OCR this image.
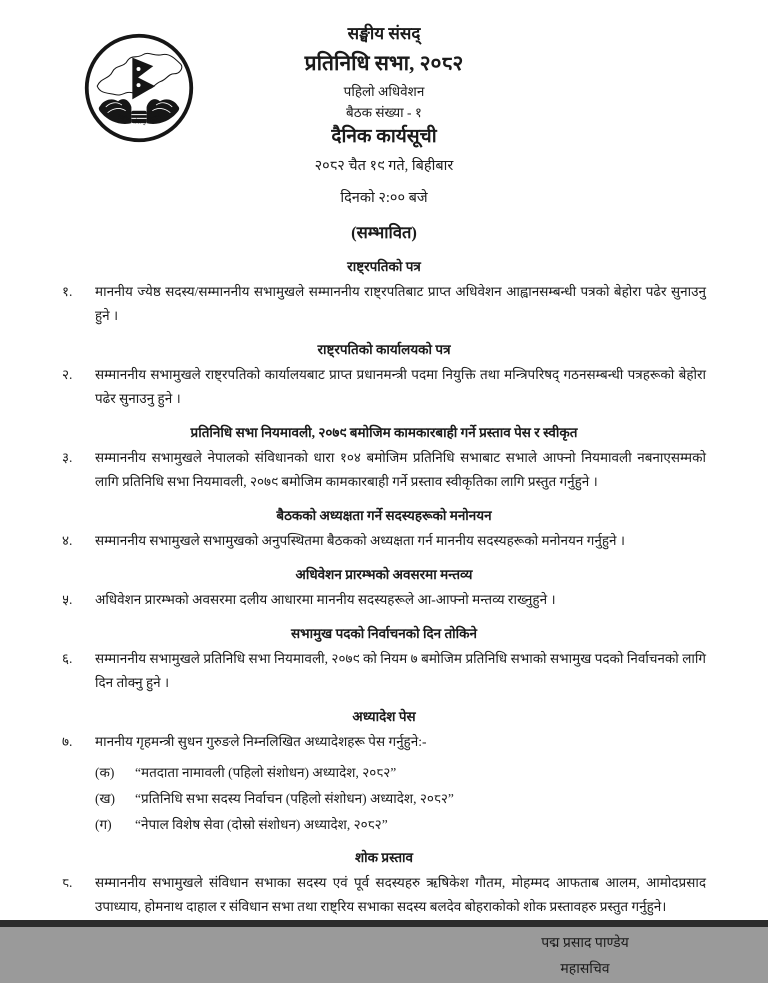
सङ्घीय संसद्, नेपाल
सङ्घीय संसद्
प्रतिनिधि सभा, २०८२
पहिलो अधिवेशन
बैठक संख्या - १
दैनिक कार्यसूची
२०८२ चैत १९ गते, बिहीबार
दिनको २:०० बजे
(सम्भावित)
राष्ट्रपतिको पत्र
१.	माननीय ज्येष्ठ सदस्य/सम्माननीय सभामुखले सम्माननीय राष्ट्रपतिबाट प्राप्त अधिवेशन आह्वानसम्बन्धी पत्रको बेहोरा पढेर सुनाउनु हुने ।
राष्ट्रपतिको कार्यालयको पत्र
२.	सम्माननीय सभामुखले राष्ट्रपतिको कार्यालयबाट प्राप्त प्रधानमन्त्री पदमा नियुक्ति तथा मन्त्रिपरिषद् गठनसम्बन्धी पत्रहरूको बेहोरा पढेर सुनाउनु हुने ।
प्रतिनिधि सभा नियमावली, २०७९ बमोजिम कामकारबाही गर्ने प्रस्ताव पेस र स्वीकृत
३.	सम्माननीय सभामुखले नेपालको संविधानको धारा १०४ बमोजिम प्रतिनिधि सभाबाट सभाले आफ्नो नियमावली नबनाएसम्मको लागि प्रतिनिधि सभा नियमावली, २०७९ बमोजिम कामकारबाही गर्ने प्रस्ताव स्वीकृतिका लागि प्रस्तुत गर्नुहुने ।
बैठकको अध्यक्षता गर्ने सदस्यहरूको मनोनयन
४.	सम्माननीय सभामुखले सभामुखको अनुपस्थितमा बैठकको अध्यक्षता गर्न माननीय सदस्यहरूको मनोनयन गर्नुहुने ।
अधिवेशन प्रारम्भको अवसरमा मन्तव्य
५.	अधिवेशन प्रारम्भको अवसरमा दलीय आधारमा माननीय सदस्यहरूले आ-आफ्नो मन्तव्य राख्नुहुने ।
सभामुख पदको निर्वाचनको दिन तोकिने
६.	सम्माननीय सभामुखले प्रतिनिधि सभा नियमावली, २०७९ को नियम ७ बमोजिम प्रतिनिधि सभाको सभामुख पदको निर्वाचनको लागि दिन तोक्नु हुने ।
अध्यादेश पेस
७.	माननीय गृहमन्त्री सुधन गुरुङले निम्नलिखित अध्यादेशहरू पेस गर्नुहुने:-
(क)	“मतदाता नामावली (पहिलो संशोधन) अध्यादेश, २०८२”
(ख)	“प्रतिनिधि सभा सदस्य निर्वाचन (पहिलो संशोधन) अध्यादेश, २०८२”
(ग)	“नेपाल विशेष सेवा (दोस्रो संशोधन) अध्यादेश, २०८२”
शोक प्रस्ताव
८.	सम्माननीय सभामुखले संविधान सभाका सदस्य एवं पूर्व सदस्यहरु ऋषिकेश गौतम, मोहम्मद आफताब आलम, आमोदप्रसाद उपाध्याय, होमनाथ दाहाल र संविधान सभा तथा राष्ट्रिय सभाका सदस्य बलदेव बोहराकोको शोक प्रस्तावहरु प्रस्तुत गर्नुहुने।
पद्म प्रसाद पाण्डेय
महासचिव
